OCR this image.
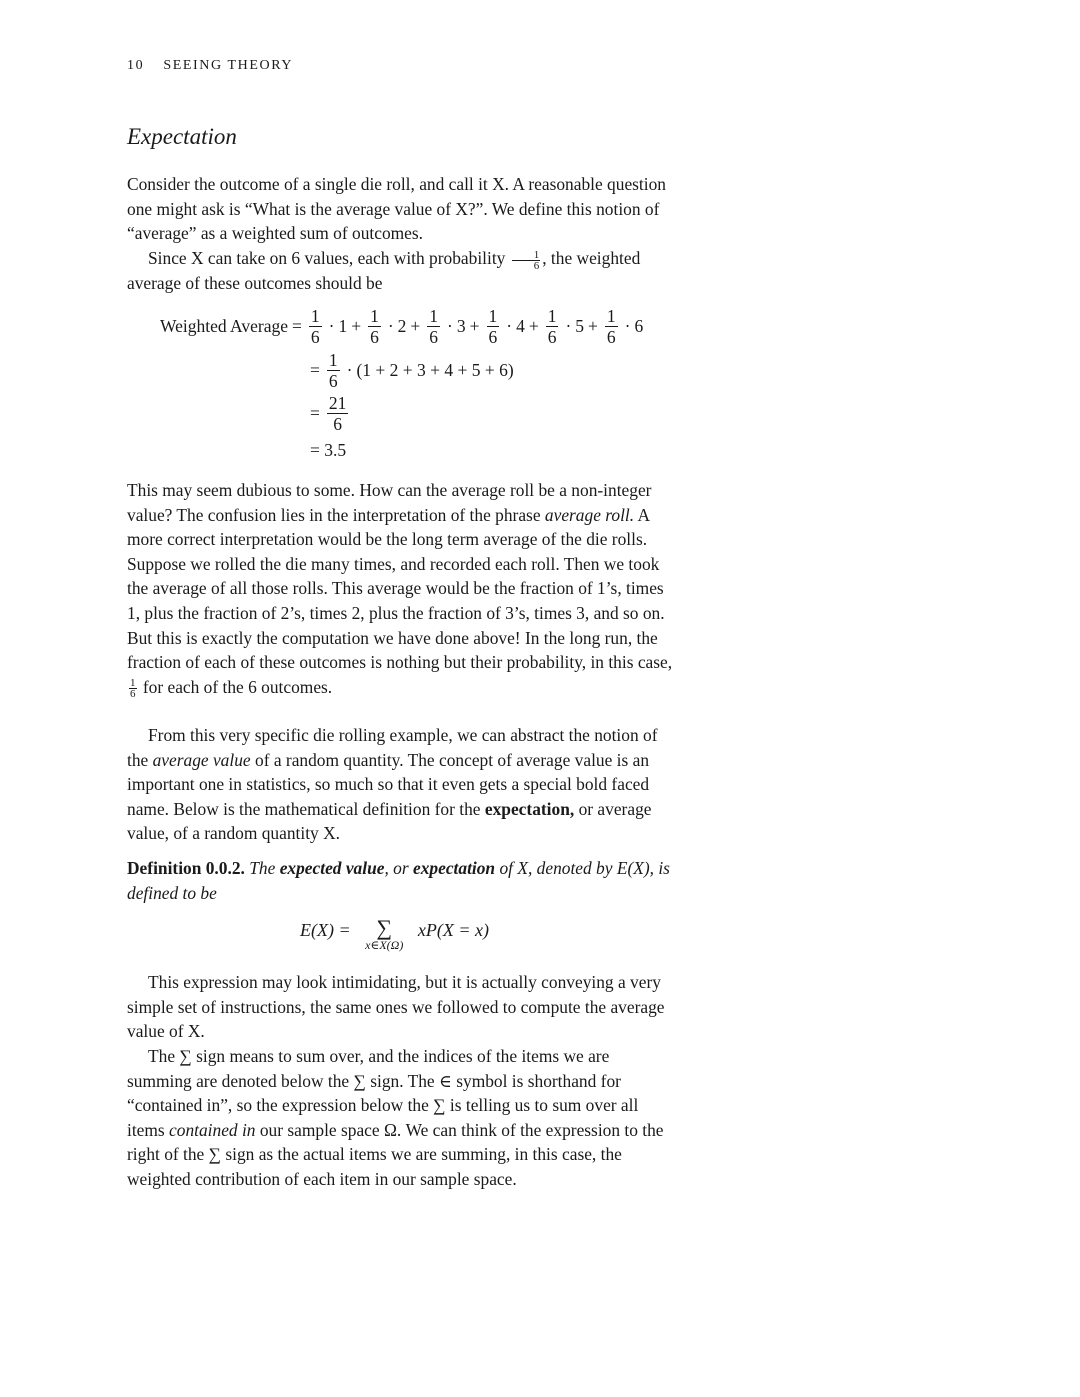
10 SEEING THEORY
Expectation

Consider the outcome of a single die roll, and call it X. A reasonable question one might ask is “What is the average value of X?”. We define this notion of “average” as a weighted sum of outcomes.

Since X can take on 6 values, each with probability $\frac{1}{6}$ , the weighted average of these outcomes should be

Weighted Average = $\frac{1}{6} \cdot 1 + \frac{1}{6} \cdot 2 + \frac{1}{6} \cdot 3 + \frac{1}{6} \cdot 4 + \frac{1}{6} \cdot 5 + \frac{1}{6} \cdot 6$
= $\frac{1}{6} \cdot (1 + 2 + 3 + 4 + 5 + 6)$
= $\frac{21}{6}$
= 3.5

This may seem dubious to some. How can the average roll be a non-integer value? The confusion lies in the interpretation of the phrase average roll. A more correct interpretation would be the long term average of the die rolls. Suppose we rolled the die many times, and recorded each roll. Then we took the average of all those rolls. This average would be the fraction of 1’s, times 1, plus the fraction of 2’s, times 2, plus the fraction of 3’s, times 3, and so on. But this is exactly the computation we have done above! In the long run, the fraction of each of these outcomes is nothing but their probability, in this case,
$\frac{1}{6}$ for each of the 6 outcomes.

From this very specific die rolling example, we can abstract the notion of the average value of a random quantity. The concept of average value is an important one in statistics, so much so that it even gets a special bold faced name. Below is the mathematical definition for the expectation, or average value, of a random quantity X.

Definition 0.0.2. The expected value, or expectation of X, denoted by E(X), is defined to be
E(X) =	∑
x∈X(Ω)
xP(X = x)

This expression may look intimidating, but it is actually conveying a very simple set of instructions, the same ones we followed to compute the average value of X.

The ∑ sign means to sum over, and the indices of the items we are summing are denoted below the ∑ sign. The ∈ symbol is shorthand for “contained in”, so the expression below the ∑ is telling us to sum over all items contained in our sample space Ω. We can think of the expression to the right of the ∑ sign as the actual items we are summing, in this case, the weighted contribution of each item in our sample space.
